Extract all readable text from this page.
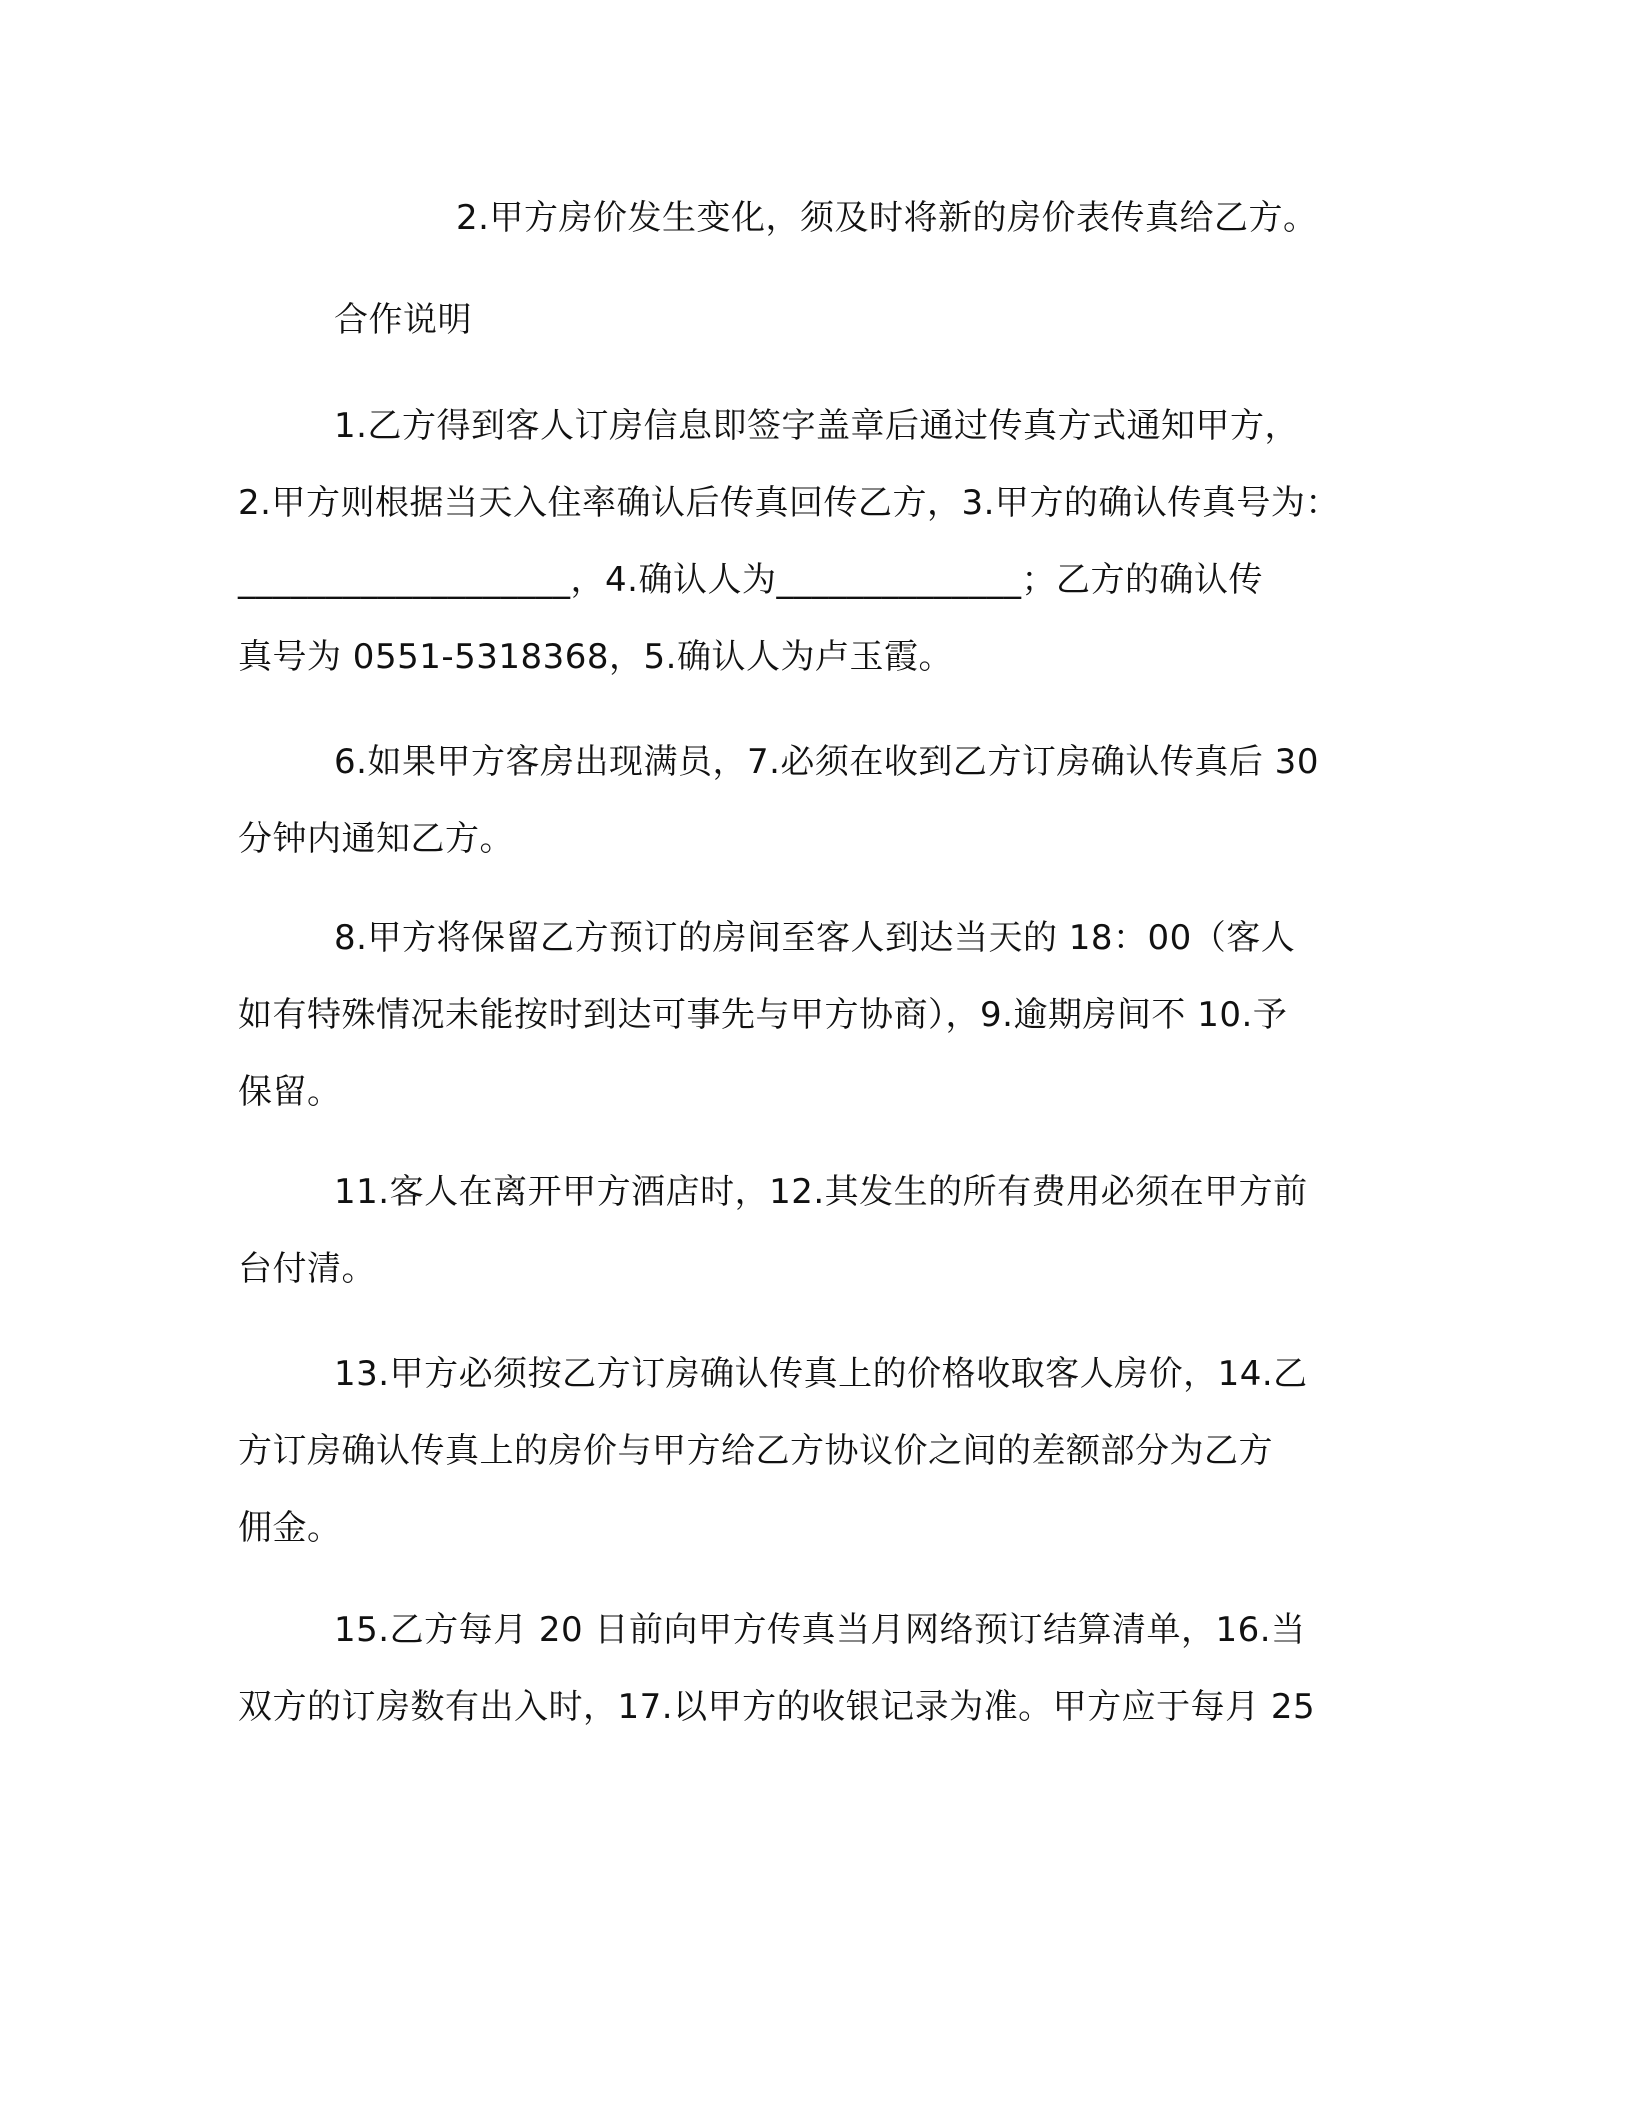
2.甲方房价发生变化，须及时将新的房价表传真给乙方。
合作说明
1.乙方得到客人订房信息即签字盖章后通过传真方式通知甲方，
2.甲方则根据当天入住率确认后传真回传乙方，3.甲方的确认传真号为：
___________________，4.确认人为______________；乙方的确认传
真号为 0551-5318368，5.确认人为卢玉霞。
6.如果甲方客房出现满员，7.必须在收到乙方订房确认传真后 30
分钟内通知乙方。
8.甲方将保留乙方预订的房间至客人到达当天的 18：00（客人
如有特殊情况未能按时到达可事先与甲方协商），9.逾期房间不 10.予
保留。
11.客人在离开甲方酒店时，12.其发生的所有费用必须在甲方前
台付清。
13.甲方必须按乙方订房确认传真上的价格收取客人房价，14.乙
方订房确认传真上的房价与甲方给乙方协议价之间的差额部分为乙方
佣金。
15.乙方每月 20 日前向甲方传真当月网络预订结算清单，16.当
双方的订房数有出入时，17.以甲方的收银记录为准。甲方应于每月 25
